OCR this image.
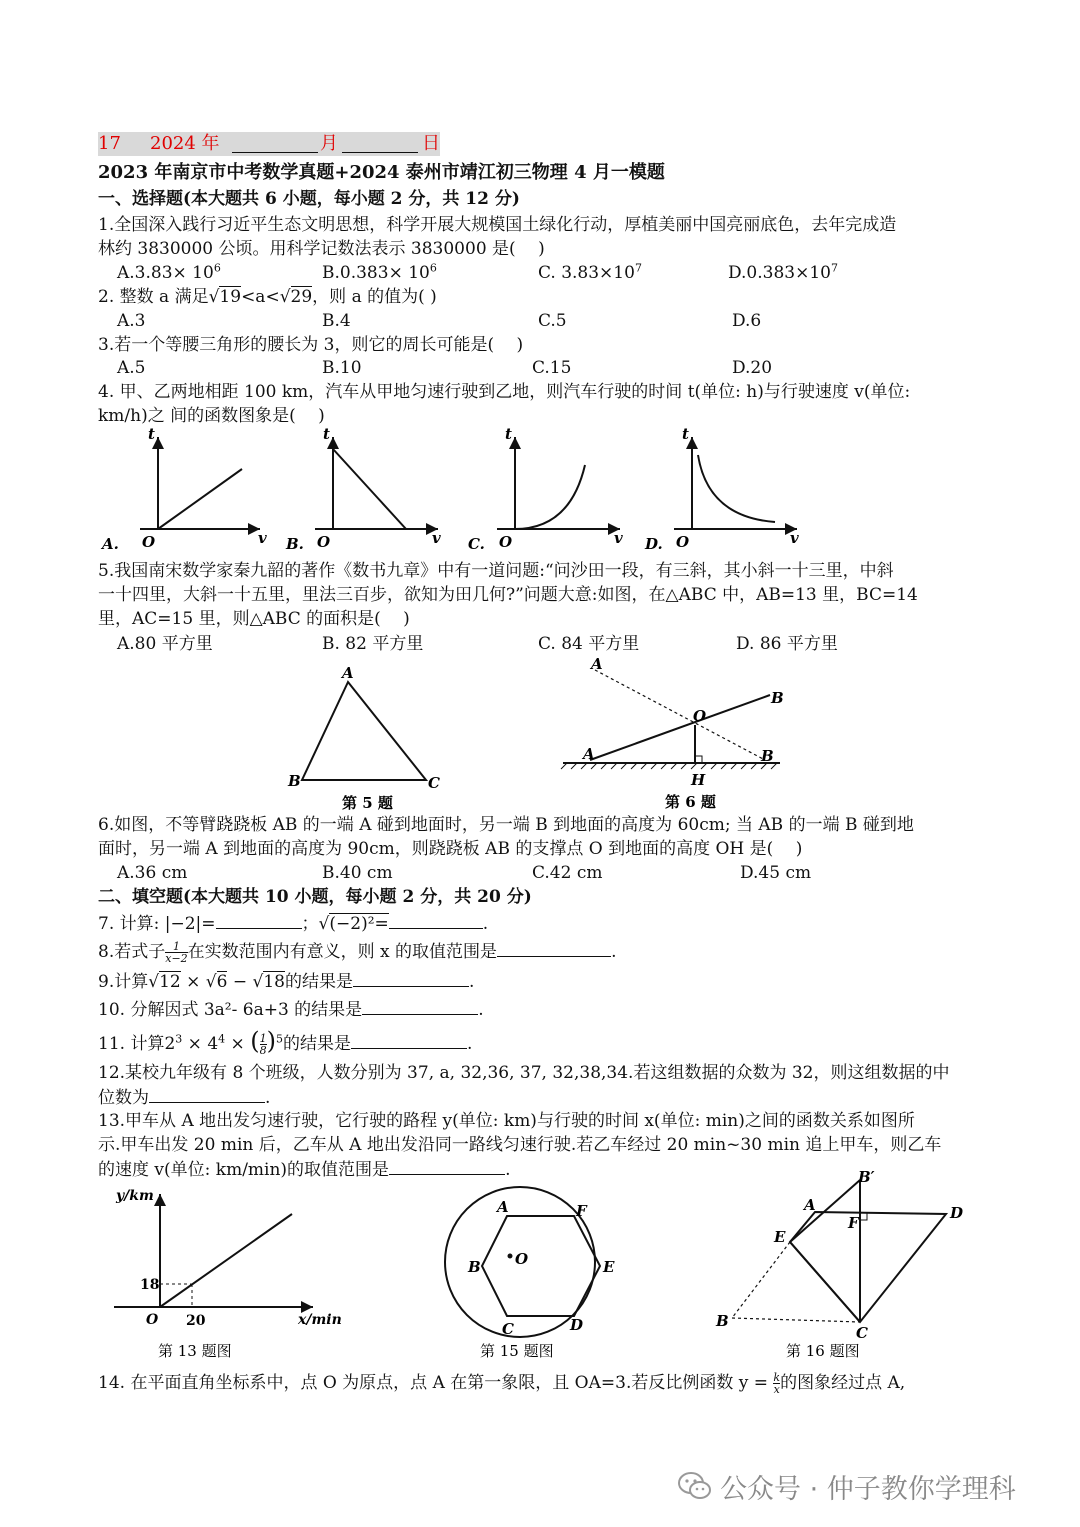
17 2024 年	月	日
2023 年南京市中考数学真题+2024 泰州市靖江初三物理 4 月一模题
一、选择题(本大题共 6 小题，每小题 2 分，共 12 分)
1.全国深入践行习近平生态文明思想，科学开展大规模国土绿化行动，厚植美丽中国亮丽底色，去年完成造
林约 3830000 公顷。用科学记数法表示 3830000 是(　 )
$A.3.83\times 10^6$	$B.0.383\times 10^6$	C. $3.83\times 10^7$	$D.0.383\times 10^7$
2. 整数 a 满足√19<a<√29，则 a 的值为( )
A.3	B.4	C.5	D.6
3.若一个等腰三角形的腰长为 3，则它的周长可能是(　 )
A.5	B.10	C.15	D.20
4. 甲、乙两地相距 100 km，汽车从甲地匀速行驶到乙地，则汽车行驶的时间 t(单位: h)与行驶速度 v(单位:
km/h)之 间的函数图象是(　 )
A.
t
v
O	B.
t
v
O	C.
t
v
O	D.
t
v
O
5.我国南宋数学家秦九韶的著作《数书九章》中有一道问题:“问沙田一段，有三斜，其小斜一十三里，中斜
一十四里，大斜一十五里，里法三百步，欲知为田几何?”问题大意:如图，在△ABC 中，AB=13 里，BC=14
里，AC=15 里，则△ABC 的面积是(　 )
A.80 平方里	B. 82 平方里	C. 84 平方里	D. 86 平方里
A
B	C
第 5 题
A
B
O
A	B
H
第 6 题
6.如图，不等臂跷跷板 AB 的一端 A 碰到地面时，另一端 B 到地面的高度为 60cm; 当 AB 的一端 B 碰到地
面时，另一端 A 到地面的高度为 90cm，则跷跷板 AB 的支撑点 O 到地面的高度 OH 是(　 )
A.36 cm	B.40 cm	C.42 cm	D.45 cm
二、填空题(本大题共 10 小题，每小题 2 分，共 20 分)
7. 计算: |−2|=	；√(−2)²=	.
8.若式子 $\frac{1}{x-2}$ 在实数范围内有意义，则 x 的取值范围是	.
9.计算√12 × √6 − √18的结果是	.
10. 分解因式 3a²- 6a+3 的结果是	.
11. 计算$2^3 \times 4^4$ × ( $\frac{1}{8} )^5$的结果是	.
12.某校九年级有 8 个班级，人数分别为 37, a, 32,36, 37, 32,38,34.若这组数据的众数为 32，则这组数据的中
位数为	.
13.甲车从 A 地出发匀速行驶，它行驶的路程 y(单位: km)与行驶的时间 x(单位: min)之间的函数关系如图所
示.甲车出发 20 min 后，乙车从 A 地出发沿同一路线匀速行驶.若乙车经过 20 min~30 min 追上甲车，则乙车
的速度 v(单位: km/min)的取值范围是	.
y/km
x/min
O
18
20
第 13 题图
A	F
B O	E
C	D
第 15 题图
B′
A	D
F
E
B
C
第 16 题图
14. 在平面直角坐标系中，点 O 为原点，点 A 在第一象限，且 OA=3.若反比例函数 $y = \frac{k}{x}$ 的图象经过点 A,
公众号 · 仲子教你学理科
